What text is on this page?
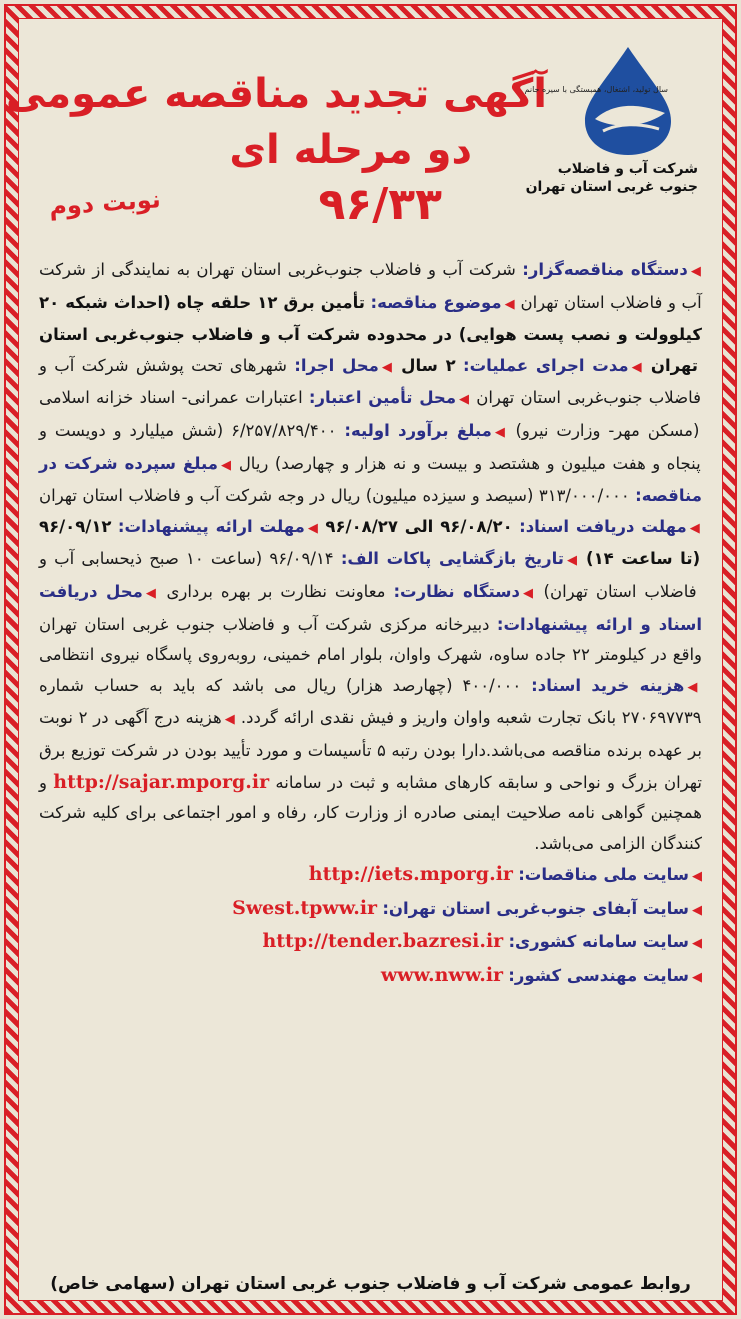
آگهی تجدید مناقصه عمومی
دو مرحله ای
۹۶/۳۳
نوبت دوم
سال تولید، اشتغال، همبستگی با سیره جانم
شرکت آب و فاضلاب
جنوب غربی استان تهران
◀دستگاه مناقصه‌گزار: شرکت آب و فاضلاب جنوب‌غربی استان تهران به نمایندگی از شرکت آب و فاضلاب استان تهران ◀موضوع مناقصه: تأمین برق ۱۲ حلقه چاه (احداث شبکه ۲۰ کیلوولت و نصب پست هوایی) در محدوده شرکت آب و فاضلاب جنوب‌غربی استان تهران ◀مدت اجرای عملیات: ۲ سال ◀محل اجرا: شهرهای تحت پوشش شرکت آب و فاضلاب جنوب‌غربی استان تهران ◀محل تأمین اعتبار: اعتبارات عمرانی- اسناد خزانه اسلامی (مسکن مهر- وزارت نیرو) ◀مبلغ برآورد اولیه: ۶/۲۵۷/۸۲۹/۴۰۰ (شش میلیارد و دویست و پنجاه و هفت میلیون و هشتصد و بیست و نه هزار و چهارصد) ریال ◀مبلغ سپرده شرکت در مناقصه: ۳۱۳/۰۰۰/۰۰۰ (سیصد و سیزده میلیون) ریال در وجه شرکت آب و فاضلاب استان تهران ◀مهلت دریافت اسناد: ۹۶/۰۸/۲۰ الی ۹۶/۰۸/۲۷ ◀مهلت ارائه پیشنهادات: ۹۶/۰۹/۱۲ (تا ساعت ۱۴) ◀تاریخ بازگشایی پاکات الف: ۹۶/۰۹/۱۴ (ساعت ۱۰ صبح ذیحسابی آب و فاضلاب استان تهران) ◀دستگاه نظارت: معاونت نظارت بر بهره برداری ◀محل دریافت اسناد و ارائه پیشنهادات: دبیرخانه مرکزی شرکت آب و فاضلاب جنوب غربی استان تهران واقع در کیلومتر ۲۲ جاده ساوه، شهرک واوان، بلوار امام خمینی، روبه‌روی پاسگاه نیروی انتظامی ◀هزینه خرید اسناد: ۴۰۰/۰۰۰ (چهارصد هزار) ریال می باشد که باید به حساب شماره ۲۷۰۶۹۷۷۳۹ بانک تجارت شعبه واوان واریز و فیش نقدی ارائه گردد. ◀هزینه درج آگهی در ۲ نوبت بر عهده برنده مناقصه می‌باشد.دارا بودن رتبه ۵ تأسیسات و مورد تأیید بودن در شرکت توزیع برق تهران بزرگ و نواحی و سابقه کارهای مشابه و ثبت در سامانه http://sajar.mporg.ir و همچنین گواهی نامه صلاحیت ایمنی صادره از وزارت کار، رفاه و امور اجتماعی برای کلیه شرکت کنندگان الزامی می‌باشد.
◀سایت ملی مناقصات: http://iets.mporg.ir
◀سایت آبفای جنوب‌غربی استان تهران: Swest.tpww.ir
◀سایت سامانه کشوری: http://tender.bazresi.ir
◀سایت مهندسی کشور: www.nww.ir
روابط عمومی شرکت آب و فاضلاب جنوب غربی استان تهران (سهامی خاص)
